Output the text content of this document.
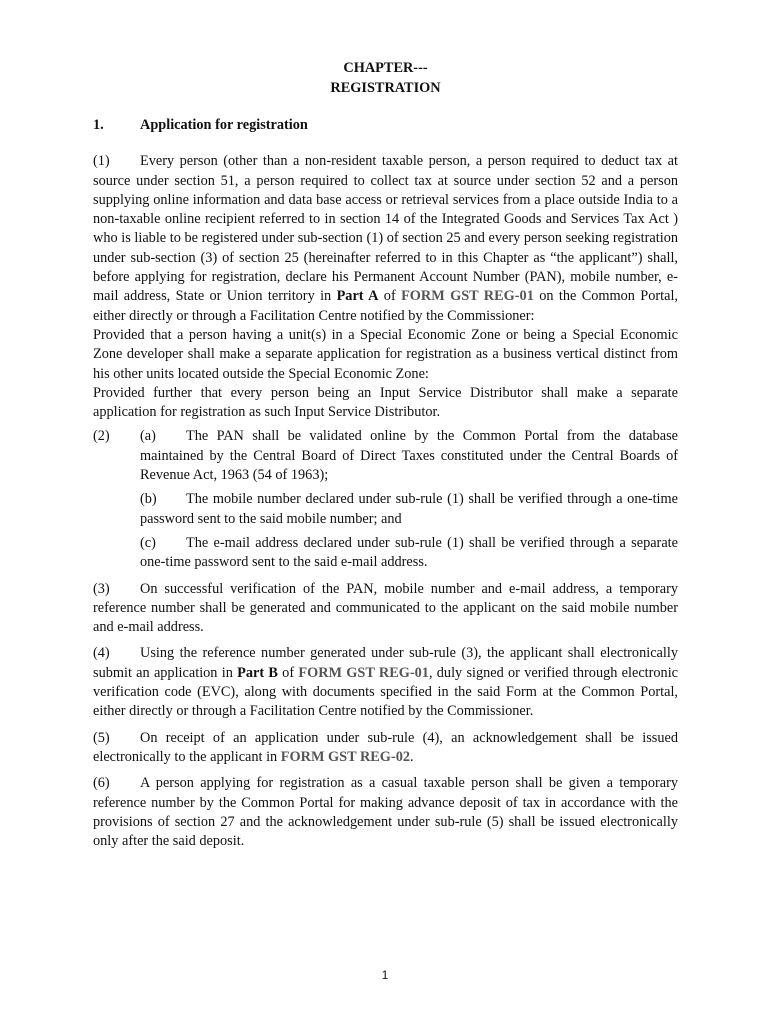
CHAPTER---
REGISTRATION
1.	Application for registration
(1) Every person (other than a non-resident taxable person, a person required to deduct tax at source under section 51, a person required to collect tax at source under section 52 and a person supplying online information and data base access or retrieval services from a place outside India to a non-taxable online recipient referred to in section 14 of the Integrated Goods and Services Tax Act ) who is liable to be registered under sub-section (1) of section 25 and every person seeking registration under sub-section (3) of section 25 (hereinafter referred to in this Chapter as “the applicant”) shall, before applying for registration, declare his Permanent Account Number (PAN), mobile number, e-mail address, State or Union territory in Part A of FORM GST REG-01 on the Common Portal, either directly or through a Facilitation Centre notified by the Commissioner:
Provided that a person having a unit(s) in a Special Economic Zone or being a Special Economic Zone developer shall make a separate application for registration as a business vertical distinct from his other units located outside the Special Economic Zone:
Provided further that every person being an Input Service Distributor shall make a separate application for registration as such Input Service Distributor.
(2)	(a) The PAN shall be validated online by the Common Portal from the database maintained by the Central Board of Direct Taxes constituted under the Central Boards of Revenue Act, 1963 (54 of 1963);
(b) The mobile number declared under sub-rule (1) shall be verified through a one-time password sent to the said mobile number; and
(c) The e-mail address declared under sub-rule (1) shall be verified through a separate one-time password sent to the said e-mail address.
(3) On successful verification of the PAN, mobile number and e-mail address, a temporary reference number shall be generated and communicated to the applicant on the said mobile number and e-mail address.
(4) Using the reference number generated under sub-rule (3), the applicant shall electronically submit an application in Part B of FORM GST REG-01, duly signed or verified through electronic verification code (EVC), along with documents specified in the said Form at the Common Portal, either directly or through a Facilitation Centre notified by the Commissioner.
(5) On receipt of an application under sub-rule (4), an acknowledgement shall be issued electronically to the applicant in FORM GST REG-02.
(6) A person applying for registration as a casual taxable person shall be given a temporary reference number by the Common Portal for making advance deposit of tax in accordance with the provisions of section 27 and the acknowledgement under sub-rule (5) shall be issued electronically only after the said deposit.
1
